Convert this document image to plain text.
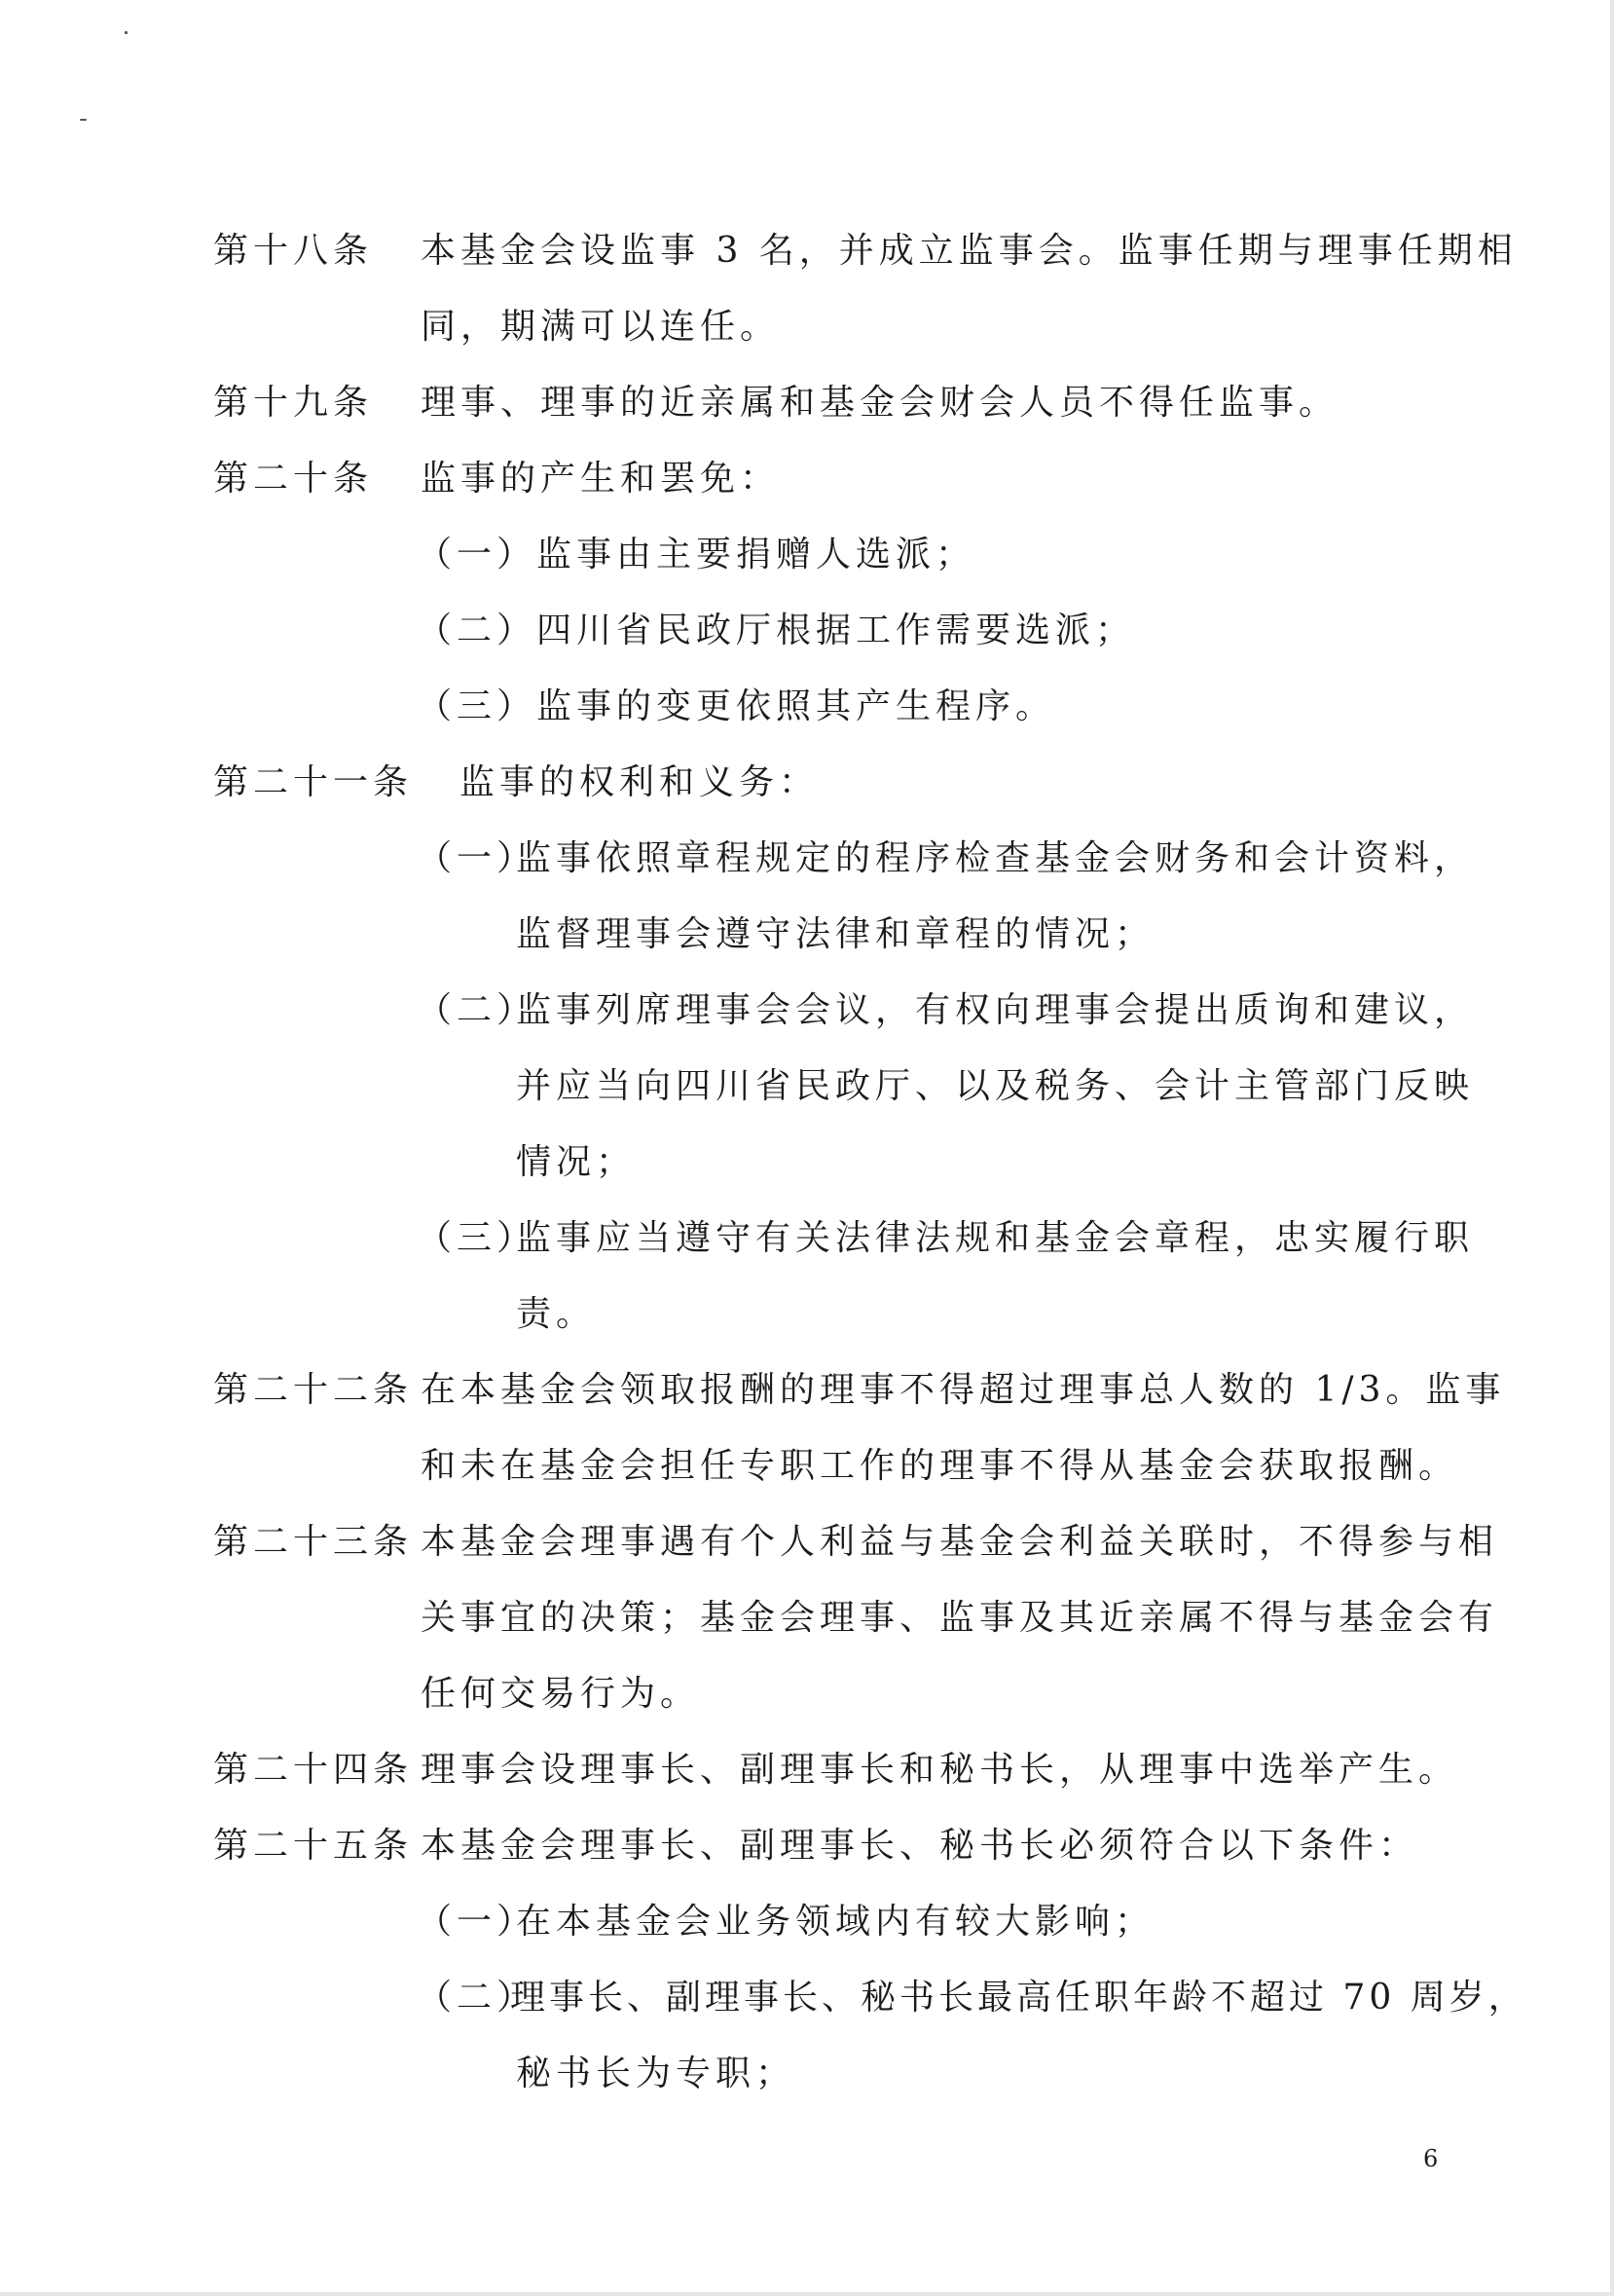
第十八条 本基金会设监事 3 名，并成立监事会。监事任期与理事任期相
同，期满可以连任。
第十九条 理事、理事的近亲属和基金会财会人员不得任监事。
第二十条 监事的产生和罢免：
（一）监事由主要捐赠人选派；
（二）四川省民政厅根据工作需要选派；
（三）监事的变更依照其产生程序。
第二十一条 监事的权利和义务：
（一）
监事依照章程规定的程序检查基金会财务和会计资料，
监督理事会遵守法律和章程的情况；
（二）
监事列席理事会会议，有权向理事会提出质询和建议，
并应当向四川省民政厅、以及税务、会计主管部门反映
情况；
（三）
监事应当遵守有关法律法规和基金会章程，忠实履行职
责。
第二十二条 在本基金会领取报酬的理事不得超过理事总人数的 1/3。监事
和未在基金会担任专职工作的理事不得从基金会获取报酬。
第二十三条 本基金会理事遇有个人利益与基金会利益关联时，不得参与相
关事宜的决策；基金会理事、监事及其近亲属不得与基金会有
任何交易行为。
第二十四条 理事会设理事长、副理事长和秘书长，从理事中选举产生。
第二十五条 本基金会理事长、副理事长、秘书长必须符合以下条件：
（一）
在本基金会业务领域内有较大影响；
（二）
理事长、副理事长、秘书长最高任职年龄不超过 70 周岁，
秘书长为专职；
6
